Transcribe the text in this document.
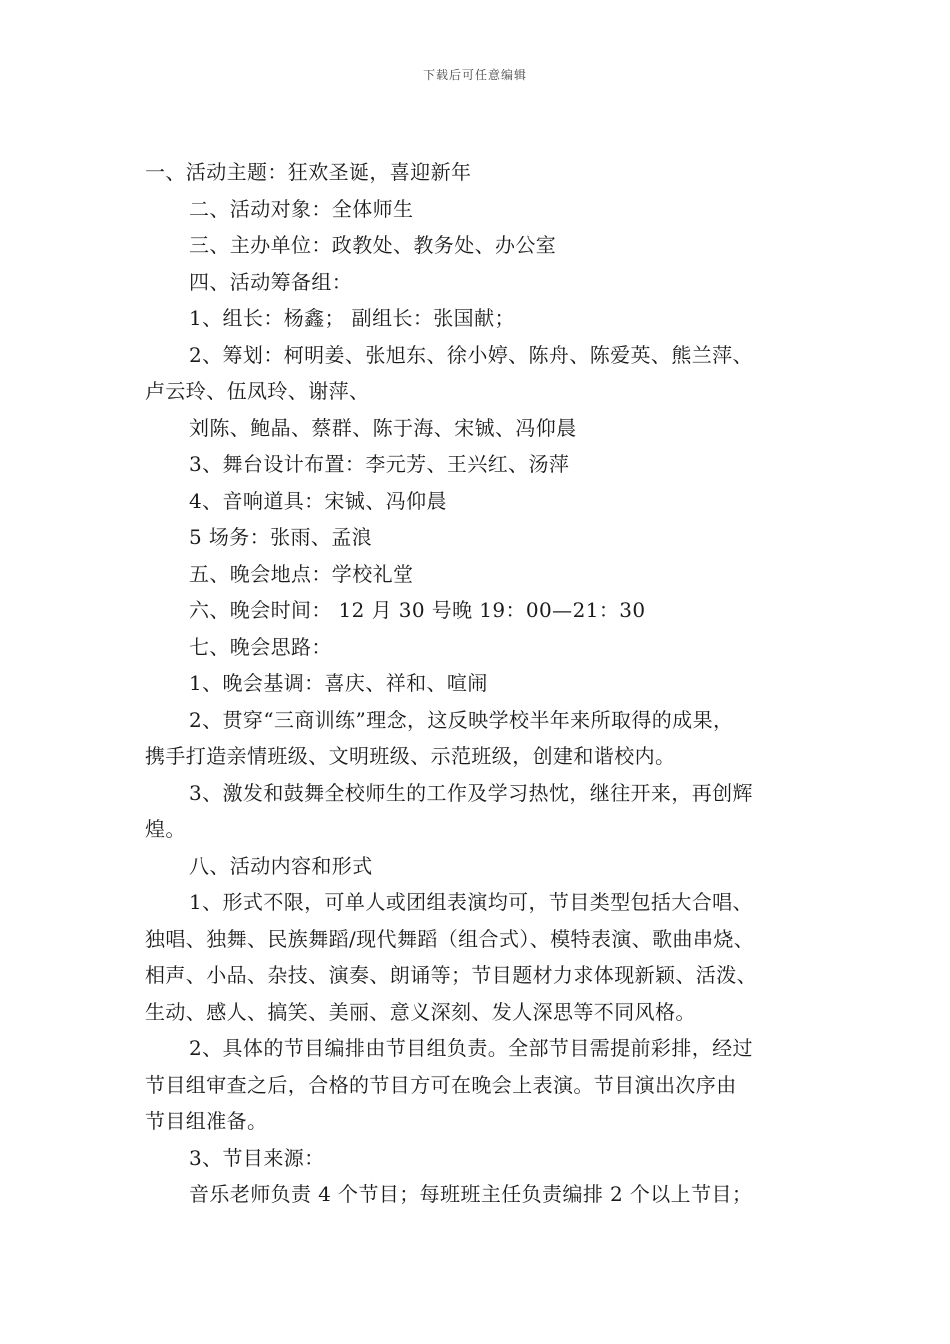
下载后可任意编辑
一、活动主题：狂欢圣诞，喜迎新年
二、活动对象：全体师生
三、主办单位：政教处、教务处、办公室
四、活动筹备组：
1、组长：杨鑫； 副组长：张国献；
2、筹划：柯明姜、张旭东、徐小婷、陈舟、陈爱英、熊兰萍、
卢云玲、伍凤玲、谢萍、
刘陈、鲍晶、蔡群、陈于海、宋铖、冯仰晨
3、舞台设计布置：李元芳、王兴红、汤萍
4、音响道具：宋铖、冯仰晨
5 场务：张雨、孟浪
五、晚会地点：学校礼堂
六、晚会时间： 12 月 30 号晚 19：00—21：30
七、晚会思路：
1、晚会基调：喜庆、祥和、喧闹
2、贯穿“三商训练”理念，这反映学校半年来所取得的成果，
携手打造亲情班级、文明班级、示范班级，创建和谐校内。
3、激发和鼓舞全校师生的工作及学习热忱，继往开来，再创辉
煌。
八、活动内容和形式
1、形式不限，可单人或团组表演均可，节目类型包括大合唱、
独唱、独舞、民族舞蹈/现代舞蹈（组合式）、模特表演、歌曲串烧、
相声、小品、杂技、演奏、朗诵等；节目题材力求体现新颖、活泼、
生动、感人、搞笑、美丽、意义深刻、发人深思等不同风格。
2、具体的节目编排由节目组负责。全部节目需提前彩排，经过
节目组审查之后，合格的节目方可在晚会上表演。节目演出次序由
节目组准备。
3、节目来源：
音乐老师负责 4 个节目；每班班主任负责编排 2 个以上节目；
